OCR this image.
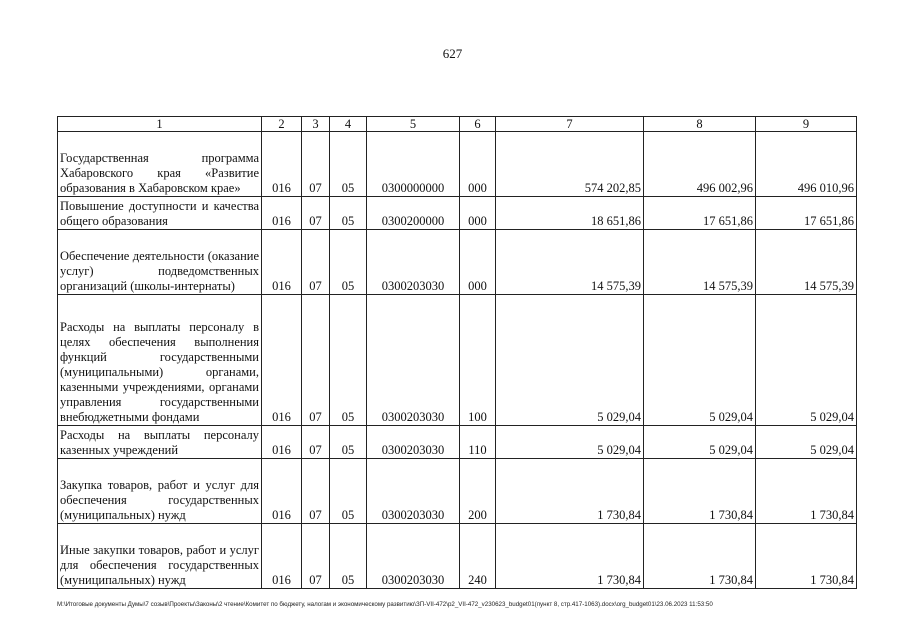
627
1	2	3	4	5	6	7	8	9
Государственная программа Хабаровского края «Развитие образования в Хабаровском крае»	016	07	05	0300000000	000	574 202,85	496 002,96	496 010,96
Повышение доступности и качества общего образования	016	07	05	0300200000	000	18 651,86	17 651,86	17 651,86
Обеспечение деятельности (оказание услуг) подведомственных организаций (школы-интернаты)	016	07	05	0300203030	000	14 575,39	14 575,39	14 575,39
Расходы на выплаты персоналу в целях обеспечения выполнения функций государственными (муниципальными) органами, казенными учреждениями, органами управления государственными внебюджетными фондами	016	07	05	0300203030	100	5 029,04	5 029,04	5 029,04
Расходы на выплаты персоналу казенных учреждений	016	07	05	0300203030	110	5 029,04	5 029,04	5 029,04
Закупка товаров, работ и услуг для обеспечения государственных (муниципальных) нужд	016	07	05	0300203030	200	1 730,84	1 730,84	1 730,84
Иные закупки товаров, работ и услуг для обеспечения государственных (муниципальных) нужд	016	07	05	0300203030	240	1 730,84	1 730,84	1 730,84
M:\Итоговые документы Думы\7 созыв\Проекты\Законы\2 чтение\Комитет по бюджету, налогам и экономическому развитию\ЗП-VII-472\р2_VII-472_v230623_budget01(пункт 8, стр.417-1063).docx\org_budget01\23.06.2023 11:53:50
